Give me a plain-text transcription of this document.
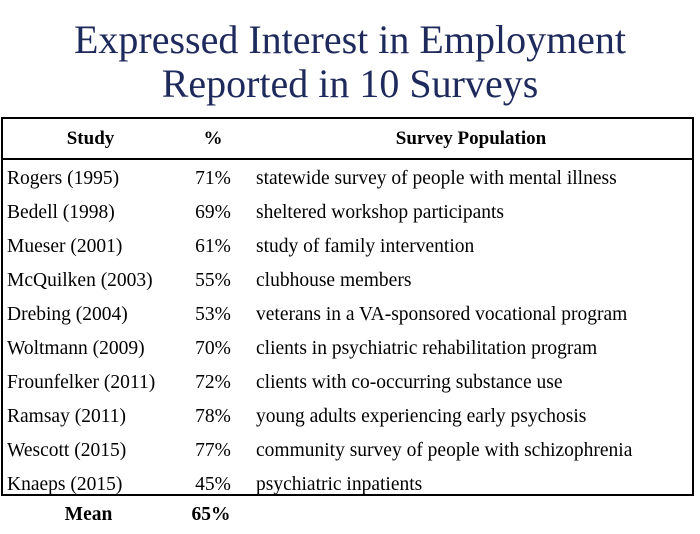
Expressed Interest in Employment
Reported in 10 Surveys
Study	%	Survey Population
Rogers (1995)	71%	statewide survey of people with mental illness
Bedell (1998)	69%	sheltered workshop participants
Mueser (2001)	61%	study of family intervention
McQuilken (2003)	55%	clubhouse members
Drebing (2004)	53%	veterans in a VA-sponsored vocational program
Woltmann (2009)	70%	clients in psychiatric rehabilitation program
Frounfelker (2011)	72%	clients with co-occurring substance use
Ramsay (2011)	78%	young adults experiencing early psychosis
Wescott (2015)	77%	community survey of people with schizophrenia
Knaeps (2015)	45%	psychiatric inpatients
Mean	65%
